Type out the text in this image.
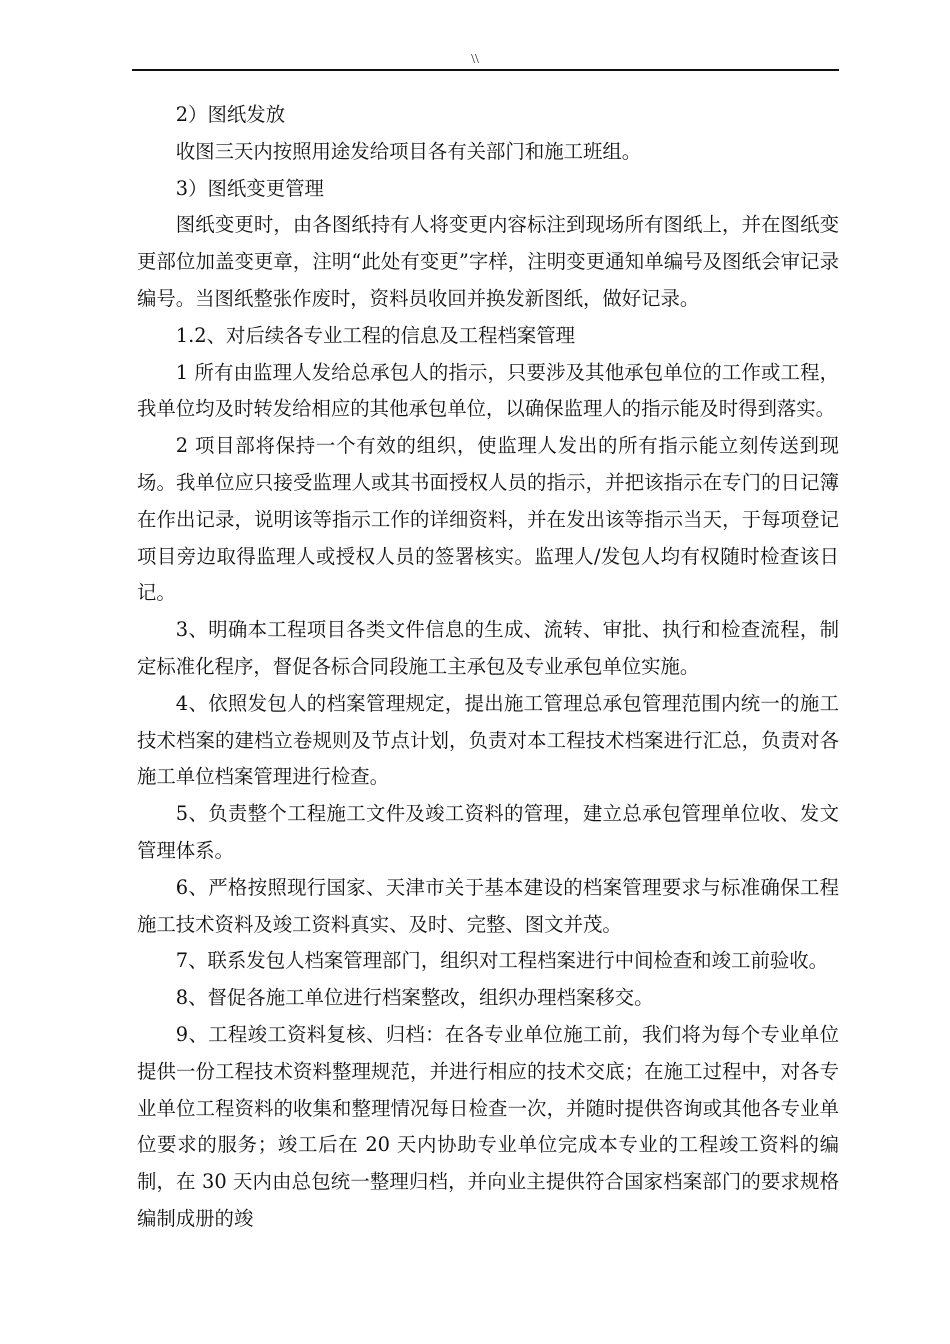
\\

2）图纸发放

收图三天内按照用途发给项目各有关部门和施工班组。

3）图纸变更管理

图纸变更时，由各图纸持有人将变更内容标注到现场所有图纸上，并在图纸变更部位加盖变更章，注明“此处有变更”字样，注明变更通知单编号及图纸会审记录编号。当图纸整张作废时，资料员收回并换发新图纸，做好记录。

1.2、对后续各专业工程的信息及工程档案管理

1 所有由监理人发给总承包人的指示，只要涉及其他承包单位的工作或工程，我单位均及时转发给相应的其他承包单位，以确保监理人的指示能及时得到落实。

2 项目部将保持一个有效的组织，使监理人发出的所有指示能立刻传送到现场。我单位应只接受监理人或其书面授权人员的指示，并把该指示在专门的日记簿在作出记录，说明该等指示工作的详细资料，并在发出该等指示当天，于每项登记项目旁边取得监理人或授权人员的签署核实。监理人/发包人均有权随时检查该日记。

3、明确本工程项目各类文件信息的生成、流转、审批、执行和检查流程，制定标准化程序，督促各标合同段施工主承包及专业承包单位实施。

4、依照发包人的档案管理规定，提出施工管理总承包管理范围内统一的施工技术档案的建档立卷规则及节点计划，负责对本工程技术档案进行汇总，负责对各施工单位档案管理进行检查。

5、负责整个工程施工文件及竣工资料的管理，建立总承包管理单位收、发文管理体系。

6、严格按照现行国家、天津市关于基本建设的档案管理要求与标准确保工程施工技术资料及竣工资料真实、及时、完整、图文并茂。

7、联系发包人档案管理部门，组织对工程档案进行中间检查和竣工前验收。

8、督促各施工单位进行档案整改，组织办理档案移交。

9、工程竣工资料复核、归档：在各专业单位施工前，我们将为每个专业单位提供一份工程技术资料整理规范，并进行相应的技术交底；在施工过程中，对各专业单位工程资料的收集和整理情况每日检查一次，并随时提供咨询或其他各专业单位要求的服务；竣工后在 20 天内协助专业单位完成本专业的工程竣工资料的编制，在 30 天内由总包统一整理归档，并向业主提供符合国家档案部门的要求规格编制成册的竣
